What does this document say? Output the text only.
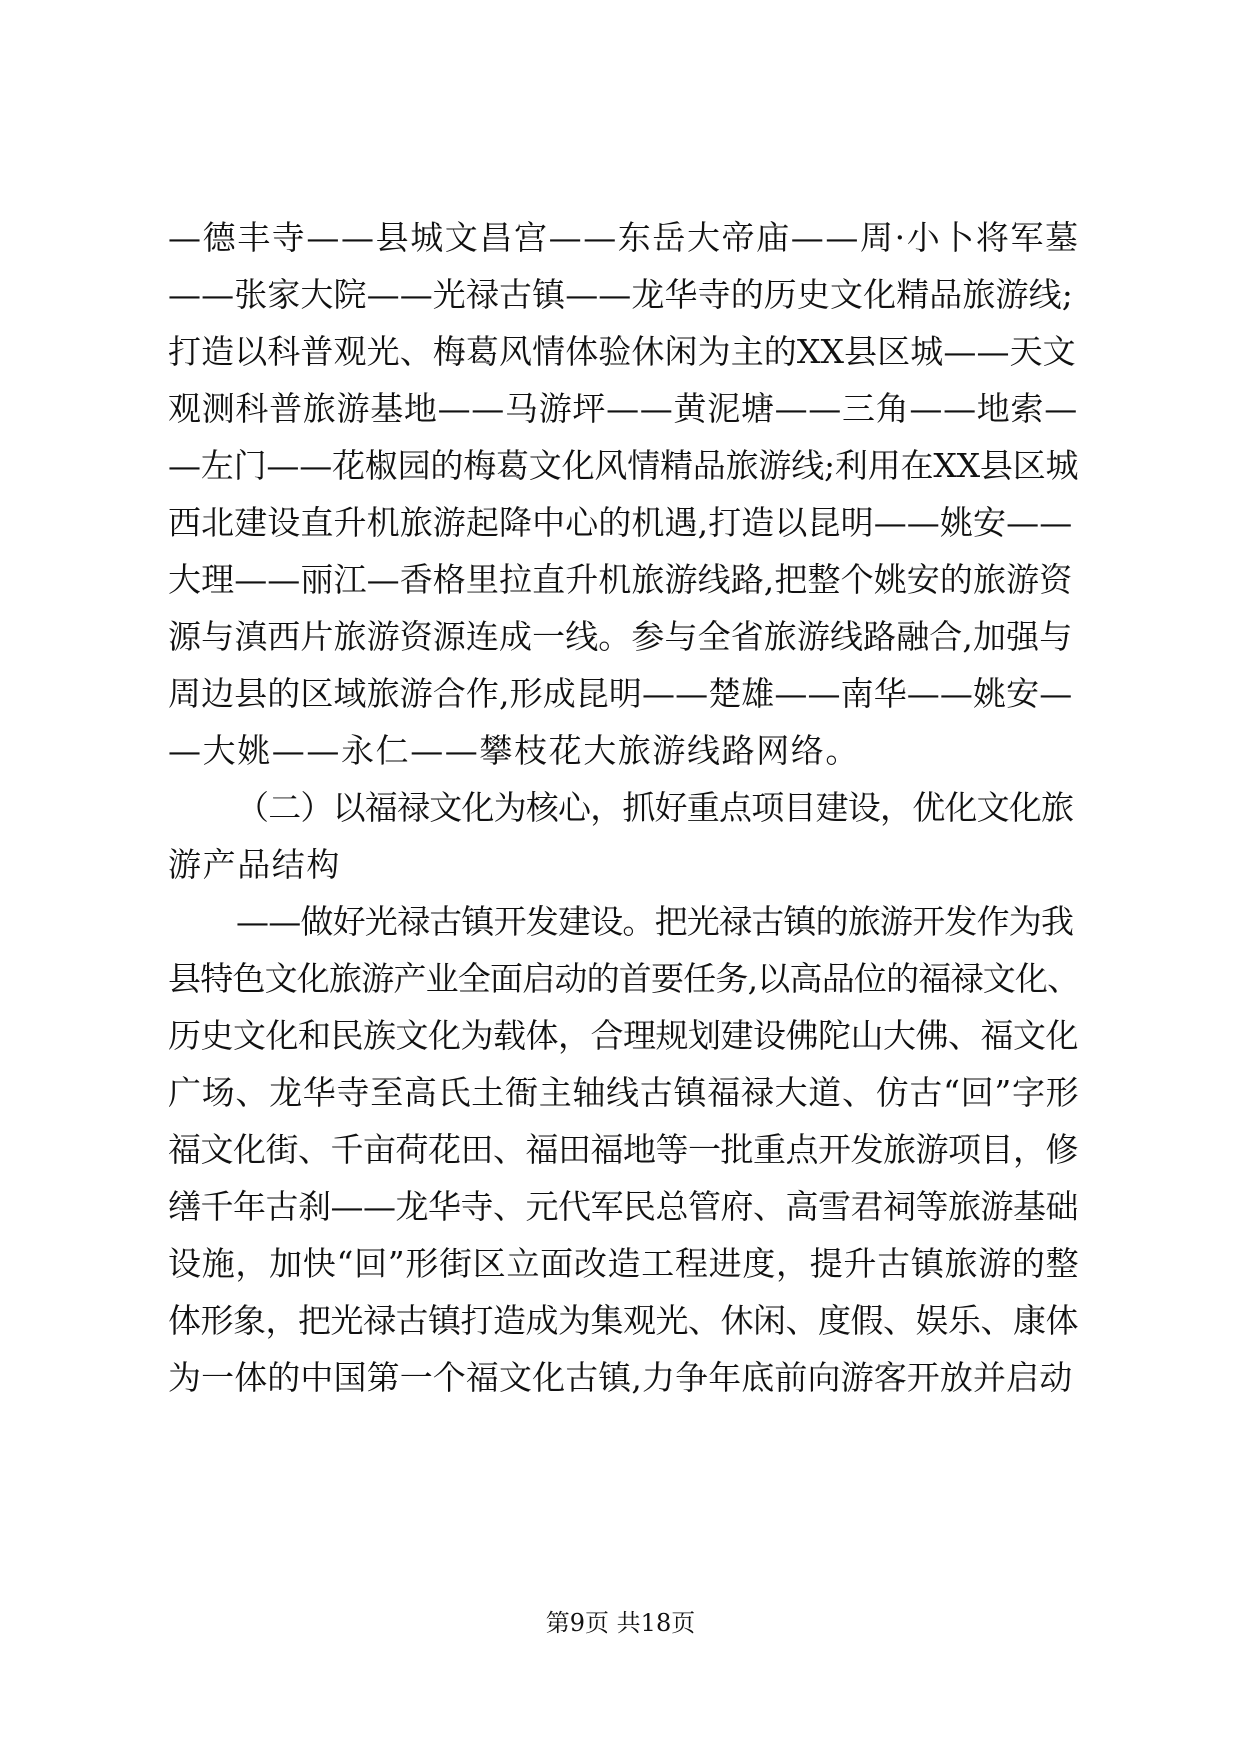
—德丰寺——县城文昌宫——东岳大帝庙——周·小卜将军墓
——张家大院——光禄古镇——龙华寺的历史文化精品旅游线;
打造以科普观光、梅葛风情体验休闲为主的XX县区城——天文
观测科普旅游基地——马游坪——黄泥塘——三角——地索—
—左门——花椒园的梅葛文化风情精品旅游线;利用在XX县区城
西北建设直升机旅游起降中心的机遇,打造以昆明——姚安——
大理——丽江—香格里拉直升机旅游线路,把整个姚安的旅游资
源与滇西片旅游资源连成一线。参与全省旅游线路融合,加强与
周边县的区域旅游合作,形成昆明——楚雄——南华——姚安—
—大姚——永仁——攀枝花大旅游线路网络。
（二）以福禄文化为核心，抓好重点项目建设，优化文化旅
游产品结构
——做好光禄古镇开发建设。把光禄古镇的旅游开发作为我
县特色文化旅游产业全面启动的首要任务,以高品位的福禄文化、
历史文化和民族文化为载体，合理规划建设佛陀山大佛、福文化
广场、龙华寺至高氏土衙主轴线古镇福禄大道、仿古“回”字形
福文化街、千亩荷花田、福田福地等一批重点开发旅游项目，修
缮千年古刹——龙华寺、元代军民总管府、高雪君祠等旅游基础
设施，加快“回”形街区立面改造工程进度，提升古镇旅游的整
体形象，把光禄古镇打造成为集观光、休闲、度假、娱乐、康体
为一体的中国第一个福文化古镇,力争年底前向游客开放并启动
第9页 共18页
